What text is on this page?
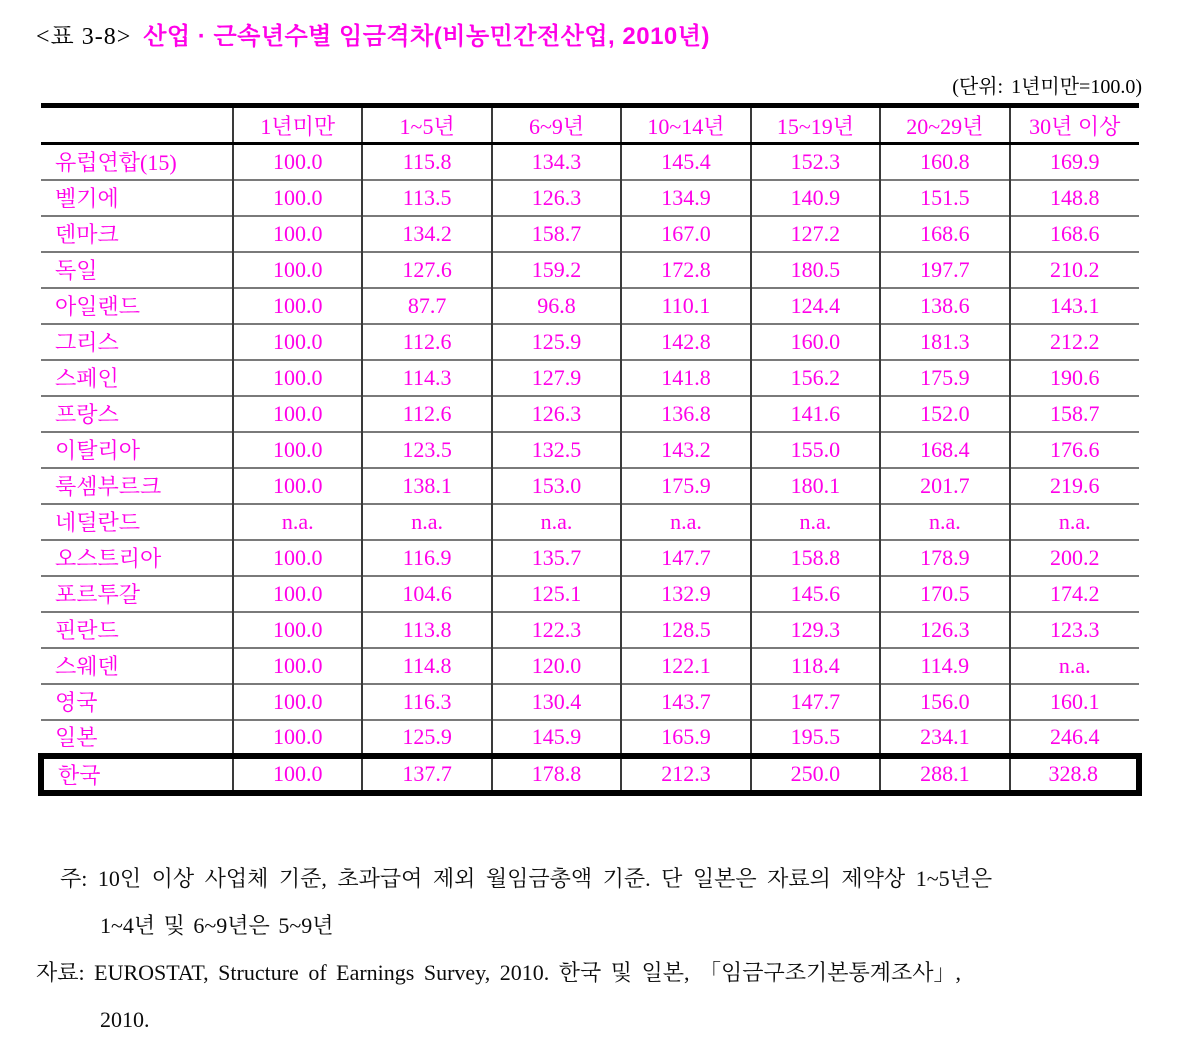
<표 3-8> 산업 · 근속년수별 임금격차(비농민간전산업, 2010년)
(단위: 1년미만=100.0)
	1년미만	1~5년	6~9년	10~14년	15~19년	20~29년	30년 이상
유럽연합(15)	100.0	115.8	134.3	145.4	152.3	160.8	169.9
벨기에	100.0	113.5	126.3	134.9	140.9	151.5	148.8
덴마크	100.0	134.2	158.7	167.0	127.2	168.6	168.6
독일	100.0	127.6	159.2	172.8	180.5	197.7	210.2
아일랜드	100.0	87.7	96.8	110.1	124.4	138.6	143.1
그리스	100.0	112.6	125.9	142.8	160.0	181.3	212.2
스페인	100.0	114.3	127.9	141.8	156.2	175.9	190.6
프랑스	100.0	112.6	126.3	136.8	141.6	152.0	158.7
이탈리아	100.0	123.5	132.5	143.2	155.0	168.4	176.6
룩셈부르크	100.0	138.1	153.0	175.9	180.1	201.7	219.6
네덜란드	n.a.	n.a.	n.a.	n.a.	n.a.	n.a.	n.a.
오스트리아	100.0	116.9	135.7	147.7	158.8	178.9	200.2
포르투갈	100.0	104.6	125.1	132.9	145.6	170.5	174.2
핀란드	100.0	113.8	122.3	128.5	129.3	126.3	123.3
스웨덴	100.0	114.8	120.0	122.1	118.4	114.9	n.a.
영국	100.0	116.3	130.4	143.7	147.7	156.0	160.1
일본	100.0	125.9	145.9	165.9	195.5	234.1	246.4
한국	100.0	137.7	178.8	212.3	250.0	288.1	328.8
주: 10인 이상 사업체 기준, 초과급여 제외 월임금총액 기준. 단 일본은 자료의 제약상 1~5년은
1~4년 및 6~9년은 5~9년
자료: EUROSTAT, Structure of Earnings Survey, 2010. 한국 및 일본, 「임금구조기본통계조사」,
2010.
